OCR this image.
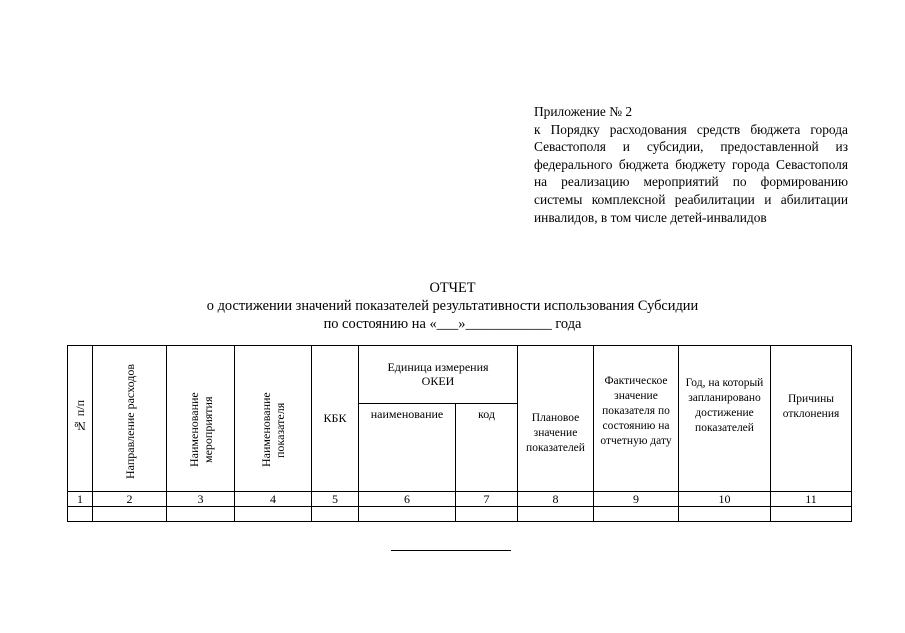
Приложение № 2
к Порядку расходования средств бюджета города Севастополя и субсидии, предоставленной из федерального бюджета бюджету города Севастополя на реализацию мероприятий по формированию системы комплексной реабилитации и абилитации инвалидов, в том числе детей-инвалидов
ОТЧЕТ
о достижении значений показателей результативности использования Субсидии
по состоянию на «___»____________ года
№ п/п	Направление расходов	Наименование мероприятия	Наименование показателя	КБК	Единица измерения ОКЕИ		Плановое значение показателей	Фактическое значение показателя по состоянию на отчетную дату	Год, на который запланировано достижение показателей	Причины отклонения

					наименование	код				
1	2	3	4	5	6	7	8	9	10	11
